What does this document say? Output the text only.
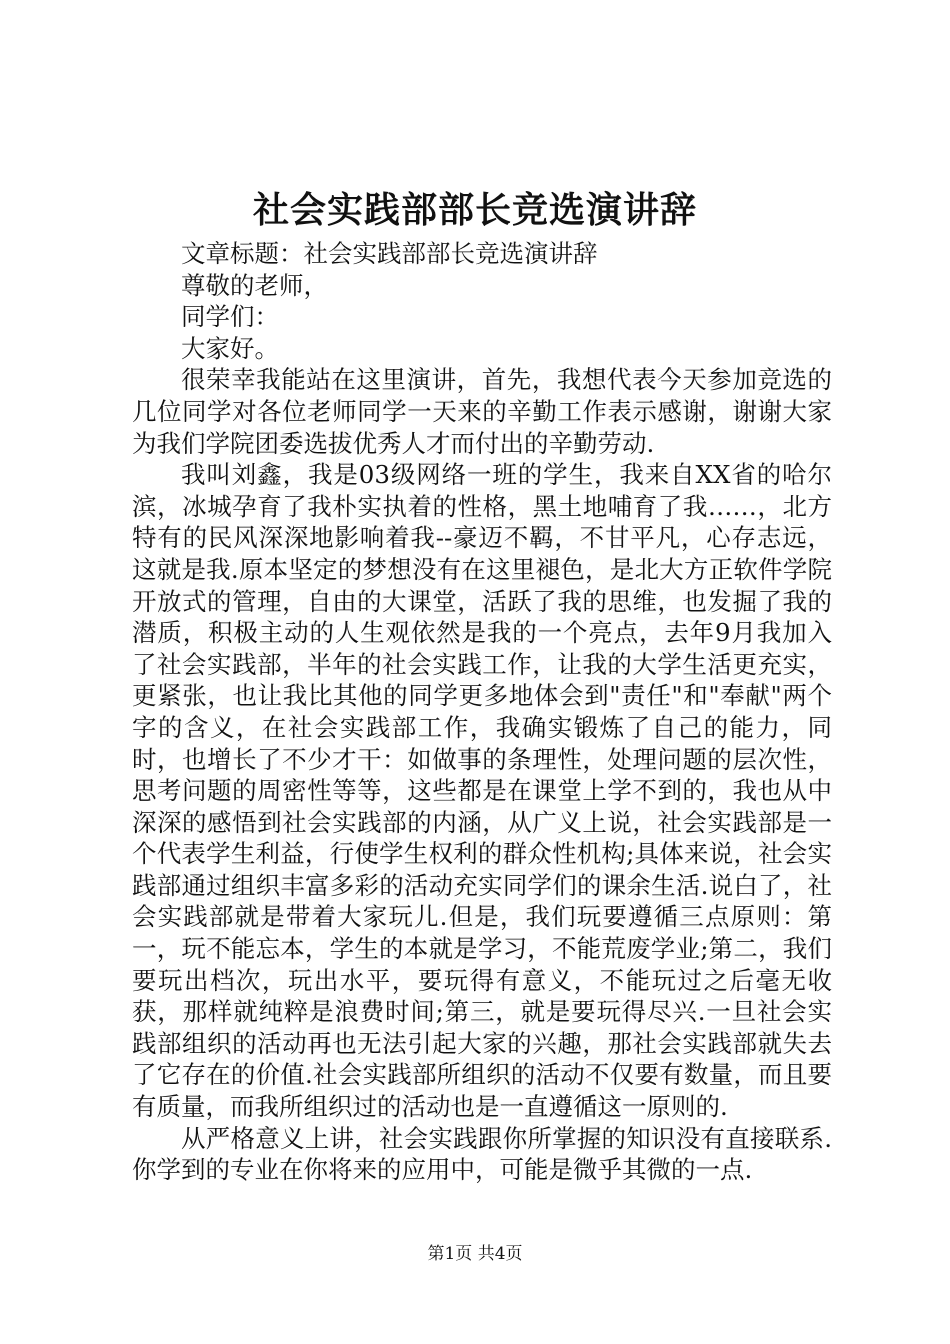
社会实践部部长竞选演讲辞

文章标题：社会实践部部长竞选演讲辞

尊敬的老师，

同学们：

大家好。

很荣幸我能站在这里演讲，首先，我想代表今天参加竞选的几位同学对各位老师同学一天来的辛勤工作表示感谢，谢谢大家为我们学院团委选拔优秀人才而付出的辛勤劳动.

我叫刘鑫，我是03级网络一班的学生，我来自XX省的哈尔滨，冰城孕育了我朴实执着的性格，黑土地哺育了我……，北方特有的民风深深地影响着我--豪迈不羁，不甘平凡，心存志远，这就是我.原本坚定的梦想没有在这里褪色，是北大方正软件学院开放式的管理，自由的大课堂，活跃了我的思维，也发掘了我的潜质，积极主动的人生观依然是我的一个亮点，去年9月我加入了社会实践部，半年的社会实践工作，让我的大学生活更充实，更紧张，也让我比其他的同学更多地体会到"责任"和"奉献"两个字的含义，在社会实践部工作，我确实锻炼了自己的能力，同时，也增长了不少才干：如做事的条理性，处理问题的层次性，思考问题的周密性等等，这些都是在课堂上学不到的，我也从中深深的感悟到社会实践部的内涵，从广义上说，社会实践部是一个代表学生利益，行使学生权利的群众性机构;具体来说，社会实践部通过组织丰富多彩的活动充实同学们的课余生活.说白了，社会实践部就是带着大家玩儿.但是，我们玩要遵循三点原则：第一，玩不能忘本，学生的本就是学习，不能荒废学业;第二，我们要玩出档次，玩出水平，要玩得有意义，不能玩过之后毫无收获，那样就纯粹是浪费时间;第三，就是要玩得尽兴.一旦社会实践部组织的活动再也无法引起大家的兴趣，那社会实践部就失去了它存在的价值.社会实践部所组织的活动不仅要有数量，而且要有质量，而我所组织过的活动也是一直遵循这一原则的.

从严格意义上讲，社会实践跟你所掌握的知识没有直接联系.你学到的专业在你将来的应用中，可能是微乎其微的一点.

第1页 共4页
